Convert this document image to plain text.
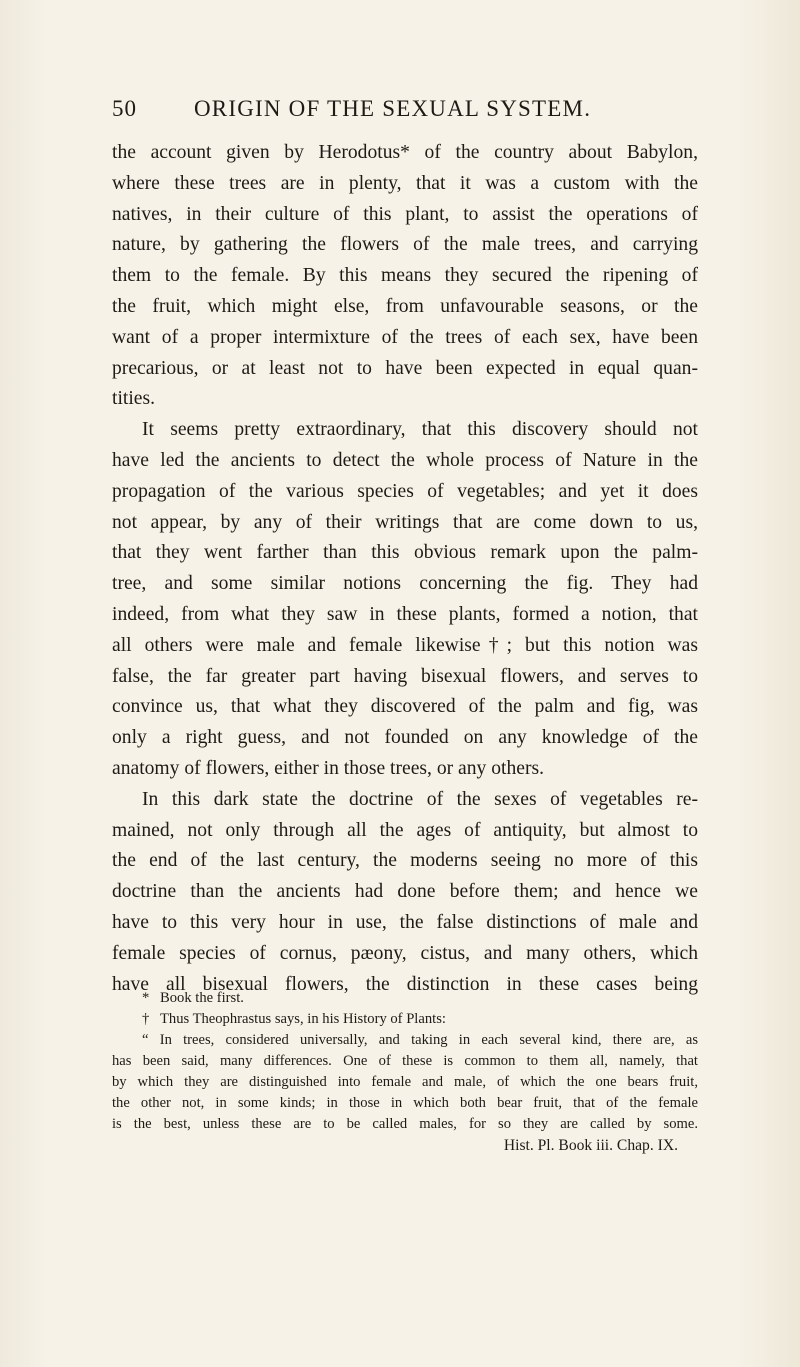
50 ORIGIN OF THE SEXUAL SYSTEM.
the account given by Herodotus* of the country about Babylon,
where these trees are in plenty, that it was a custom with the
natives, in their culture of this plant, to assist the operations of
nature, by gathering the flowers of the male trees, and carrying
them to the female. By this means they secured the ripening of
the fruit, which might else, from unfavourable seasons, or the
want of a proper intermixture of the trees of each sex, have been
precarious, or at least not to have been expected in equal quan-
tities.
It seems pretty extraordinary, that this discovery should not
have led the ancients to detect the whole process of Nature in the
propagation of the various species of vegetables; and yet it does
not appear, by any of their writings that are come down to us,
that they went farther than this obvious remark upon the palm-
tree, and some similar notions concerning the fig. They had
indeed, from what they saw in these plants, formed a notion, that
all others were male and female likewise†; but this notion was
false, the far greater part having bisexual flowers, and serves to
convince us, that what they discovered of the palm and fig, was
only a right guess, and not founded on any knowledge of the
anatomy of flowers, either in those trees, or any others.
In this dark state the doctrine of the sexes of vegetables re-
mained, not only through all the ages of antiquity, but almost to
the end of the last century, the moderns seeing no more of this
doctrine than the ancients had done before them; and hence we
have to this very hour in use, the false distinctions of male and
female species of cornus, pæony, cistus, and many others, which
have all bisexual flowers, the distinction in these cases being
* Book the first.
† Thus Theophrastus says, in his History of Plants:
“ In trees, considered universally, and taking in each several kind, there are, as
has been said, many differences. One of these is common to them all, namely, that
by which they are distinguished into female and male, of which the one bears fruit,
the other not, in some kinds; in those in which both bear fruit, that of the female
is the best, unless these are to be called males, for so they are called by some.
Hist. Pl. Book iii. Chap. IX.
